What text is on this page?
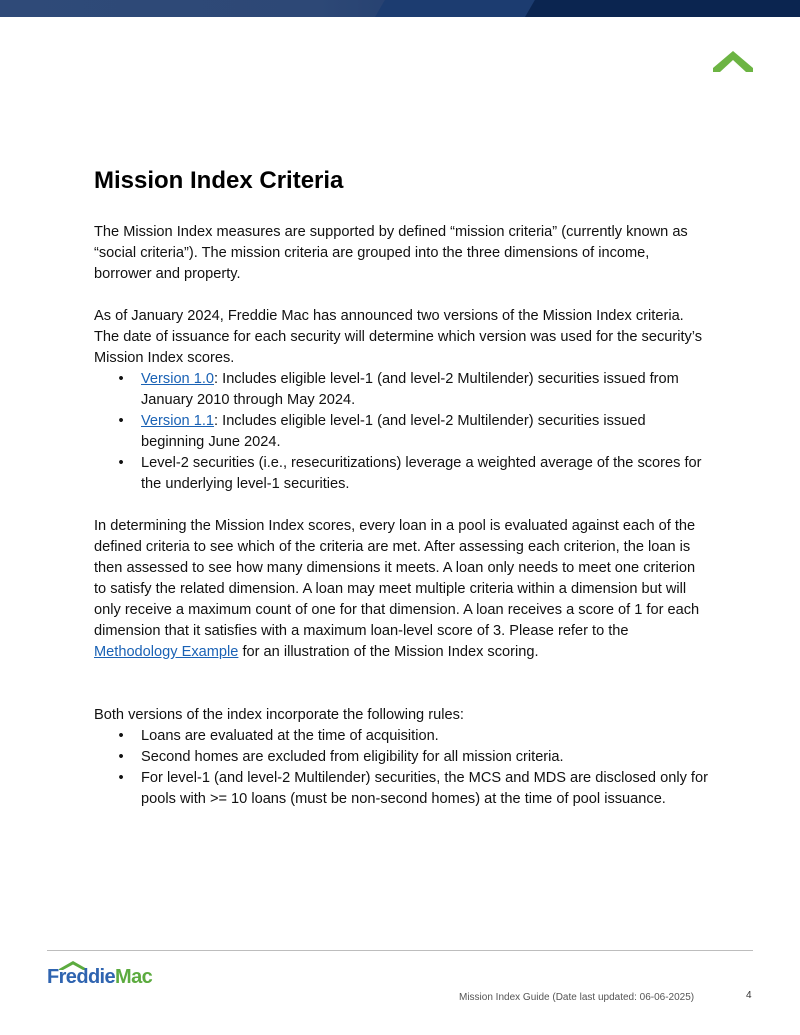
Mission Index Criteria

The Mission Index measures are supported by defined “mission criteria” (currently known as “social criteria”). The mission criteria are grouped into the three dimensions of income, borrower and property.

As of January 2024, Freddie Mac has announced two versions of the Mission Index criteria. The date of issuance for each security will determine which version was used for the security’s Mission Index scores.

• Version 1.0: Includes eligible level-1 (and level-2 Multilender) securities issued from January 2010 through May 2024.
• Version 1.1: Includes eligible level-1 (and level-2 Multilender) securities issued beginning June 2024.
• Level-2 securities (i.e., resecuritizations) leverage a weighted average of the scores for the underlying level-1 securities.

In determining the Mission Index scores, every loan in a pool is evaluated against each of the defined criteria to see which of the criteria are met. After assessing each criterion, the loan is then assessed to see how many dimensions it meets. A loan only needs to meet one criterion to satisfy the related dimension. A loan may meet multiple criteria within a dimension but will only receive a maximum count of one for that dimension. A loan receives a score of 1 for each dimension that it satisfies with a maximum loan-level score of 3. Please refer to the Methodology Example for an illustration of the Mission Index scoring.

Both versions of the index incorporate the following rules:

• Loans are evaluated at the time of acquisition.
• Second homes are excluded from eligibility for all mission criteria.
• For level-1 (and level-2 Multilender) securities, the MCS and MDS are disclosed only for pools with >= 10 loans (must be non-second homes) at the time of pool issuance.
FreddieMac
Mission Index Guide (Date last updated: 06-06-2025)	4
